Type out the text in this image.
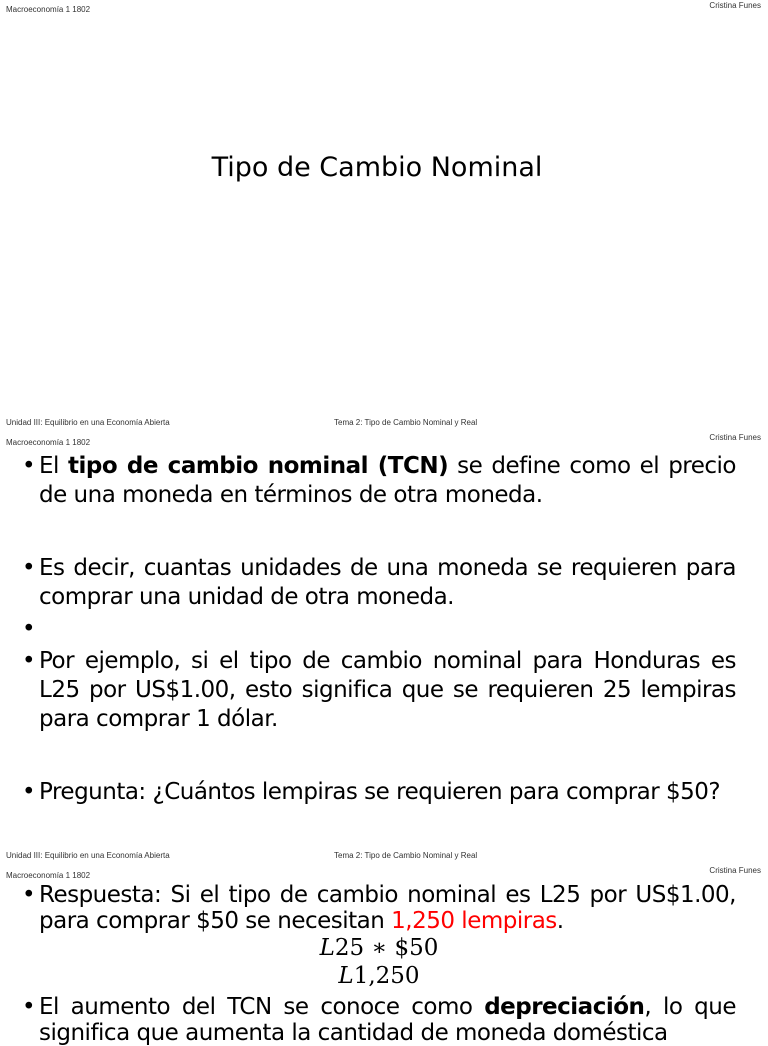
Macroeconomía 1 1802	Cristina Funes
Tipo de Cambio Nominal
Unidad III: Equilibrio en una Economía Abierta	Tema 2: Tipo de Cambio Nominal y Real
Macroeconomía 1 1802
Cristina Funes
• El tipo de cambio nominal (TCN) se define como el precio de una moneda en términos de otra moneda.
• Es decir, cuantas unidades de una moneda se requieren para comprar una unidad de otra moneda.
•
• Por ejemplo, si el tipo de cambio nominal para Honduras es L25 por US$1.00, esto significa que se requieren 25 lempiras para comprar 1 dólar.
• Pregunta: ¿Cuántos lempiras se requieren para comprar $50?
Unidad III: Equilibrio en una Economía Abierta	Tema 2: Tipo de Cambio Nominal y Real
Macroeconomía 1 1802
Cristina Funes
• Respuesta: Si el tipo de cambio nominal es L25 por US$1.00, para comprar $50 se necesitan 1,250 lempiras.
L25 ∗ $50
L1,250
• El aumento del TCN se conoce como depreciación, lo que significa que aumenta la cantidad de moneda doméstica
